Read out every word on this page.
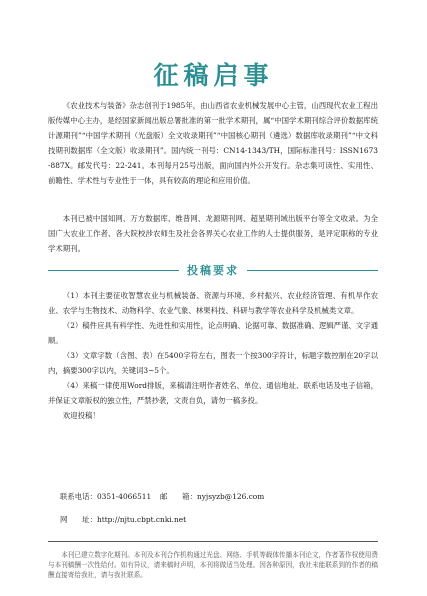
征稿启事

《农业技术与装备》杂志创刊于1985年，由山西省农业机械发展中心主管，山西现代农业工程出版传媒中心主办，是经国家新闻出版总署批准的第一批学术期刊，属“中国学术期刊综合评价数据库统计源期刊”“中国学术期刊（光盘版）全文收录期刊”“中国核心期刊（遴选）数据库收录期刊”“中文科技期刊数据库（全文版）收录期刊”。国内统一刊号：CN14-1343/TH，国际标准刊号：ISSN1673-887X。邮发代号：22-241。本刊每月25号出版，面向国内外公开发行。杂志集可读性、实用性、前瞻性、学术性与专业性于一体，具有较高的理论和应用价值。

本刊已被中国知网、万方数据库、维普网、龙源期刊网、超星期刊域出版平台等全文收录。为全国广大农业工作者、各大院校涉农师生及社会各界关心农业工作的人士提供服务，是评定职称的专业学术期刊。

投稿要求
（1）本刊主要征收智慧农业与机械装备、资源与环境、乡村振兴、农业经济管理、有机旱作农业、农学与生物技术、动物科学、农业气象、林果科技、科研与教学等农业科学及机械类文章。
（2）稿件应具有科学性、先进性和实用性，论点明确、论据可靠、数据准确、逻辑严谨、文字通顺。
（3）文章字数（含图、表）在5400字符左右，图表一个按300字符计，标题字数控制在20字以内，摘要300字以内，关键词3~5个。
（4）来稿一律使用Word排版，来稿请注明作者姓名、单位、通信地址、联系电话及电子信箱，并保证文章版权的独立性，严禁抄袭，文责自负，请勿一稿多投。
欢迎投稿！
联系电话：0351-4066511 邮　　箱：nyjsyzb@126.com
网　　址：http://njtu.cbpt.cnki.net
本刊已建立数字化期刊。本刊及本刊合作机构通过光盘、网络、手机等载体传播本刊论文，作者著作权使用费与本刊稿酬一次性给付。如有异议，请来稿时声明，本刊将做适当处理。因各种原因，我社未能联系到的作者的稿酬直接寄给我社，请与我社联系。
